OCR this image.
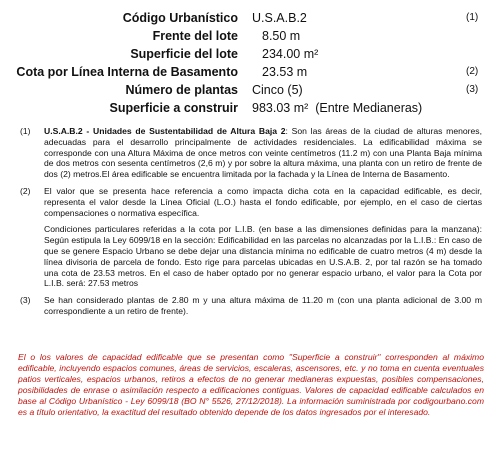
Código Urbanístico U.S.A.B.2	(1)
Frente del lote 8.50 m
Superficie del lote 234.00 m²
Cota por Línea Interna de Basamento 23.53 m	(2)
Número de plantas Cinco (5)	(3)
Superficie a construir 983.03 m²  (Entre Medianeras)
(1) U.S.A.B.2 - Unidades de Sustentabilidad de Altura Baja 2: Son las áreas de la ciudad de alturas menores, adecuadas para el desarrollo principalmente de actividades residenciales. La edificabilidad máxima se corresponde con una Altura Máxima de once metros con veinte centímetros (11.2 m) con una Planta Baja mínima de dos metros con sesenta centímetros (2,6 m) y por sobre la altura máxima, una planta con un retiro de frente de dos (2) metros.El área edificable se encuentra limitada por la fachada y la Línea de Interna de Basamento.

(2) El valor que se presenta hace referencia a como impacta dicha cota en la capacidad edificable, es decir, representa el valor desde la Línea Oficial (L.O.) hasta el fondo edificable, por ejemplo, en el caso de ciertas compensaciones o normativa específica.

Condiciones particulares referidas a la cota por L.I.B. (en base a las dimensiones definidas para la manzana): Según estipula la Ley 6099/18 en la sección: Edificabilidad en las parcelas no alcanzadas por la L.I.B.: En caso de que se genere Espacio Urbano se debe dejar una distancia mínima no edificable de cuatro metros (4 m) desde la línea divisoria de parcela de fondo. Esto rige para parcelas ubicadas en U.S.A.B. 2, por tal razón se ha tomado una cota de 23.53 metros. En el caso de haber optado por no generar espacio urbano, el valor para la Cota por L.I.B. será: 27.53 metros

(3) Se han considerado plantas de 2.80 m y una altura máxima de 11.20 m (con una planta adicional de 3.00 m correspondiente a un retiro de frente).

El o los valores de capacidad edificable que se presentan como "Superficie a construir" corresponden al máximo edificable, incluyendo espacios comunes, áreas de servicios, escaleras, ascensores, etc. y no toma en cuenta eventuales patios verticales, espacios urbanos, retiros a efectos de no generar medianeras expuestas, posibles compensaciones, posibilidades de enrase o asimilación respecto a edificaciones contiguas. Valores de capacidad edificable calculados en base al Código Urbanístico - Ley 6099/18 (BO N° 5526, 27/12/2018). La información suministrada por codigourbano.com es a título orientativo, la exactitud del resultado obtenido depende de los datos ingresados por el interesado.
